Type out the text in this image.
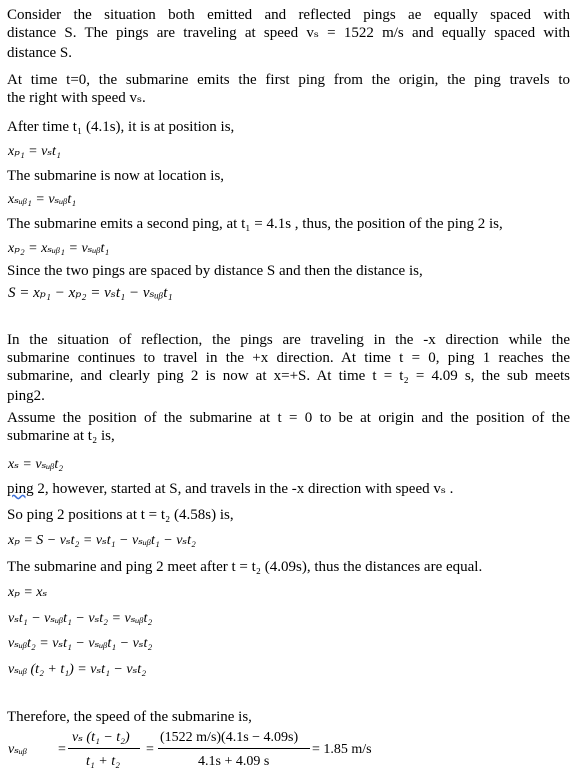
Consider the situation both emitted and reflected pings ae equally spaced with
distance S. The pings are traveling at speed vₛ = 1522 m/s and equally spaced with
distance S.
At time t=0, the submarine emits the first ping from the origin, the ping travels to
the right with speed vₛ.
After time t₁ (4.1s), it is at position is,
xₚ₁ = vₛt₁
The submarine is now at location is,
xₛᵤᵦ₁ = vₛᵤᵦt₁
The submarine emits a second ping, at t₁ = 4.1s , thus, the position of the ping 2 is,
xₚ₂ = xₛᵤᵦ₁ = vₛᵤᵦt₁
Since the two pings are spaced by distance S and then the distance is,
S = xₚ₁ − xₚ₂ = vₛt₁ − vₛᵤᵦt₁
In the situation of reflection, the pings are traveling in the -x direction while the
submarine continues to travel in the +x direction. At time t = 0, ping 1 reaches the
submarine, and clearly ping 2 is now at x=+S. At time t = t₂ = 4.09 s, the sub meets
ping2.
Assume the position of the submarine at t = 0 to be at origin and the position of the
submarine at t₂ is,
xₛ = vₛᵤᵦt₂
ping 2, however, started at S, and travels in the -x direction with speed vₛ .
So ping 2 positions at t = t₂ (4.58s) is,
xₚ = S − vₛt₂ = vₛt₁ − vₛᵤᵦt₁ − vₛt₂
The submarine and ping 2 meet after t = t₂ (4.09s), thus the distances are equal.
xₚ = xₛ
vₛt₁ − vₛᵤᵦt₁ − vₛt₂ = vₛᵤᵦt₂
vₛᵤᵦt₂ = vₛt₁ − vₛᵤᵦt₁ − vₛt₂
vₛᵤᵦ (t₂ + t₁) = vₛt₁ − vₛt₂
Therefore, the speed of the submarine is,
vₛᵤᵦ =
vₛ (t₁ − t₂)
t₁ + t₂
=
(1522 m/s)(4.1s − 4.09s)
4.1s + 4.09 s
= 1.85 m/s
